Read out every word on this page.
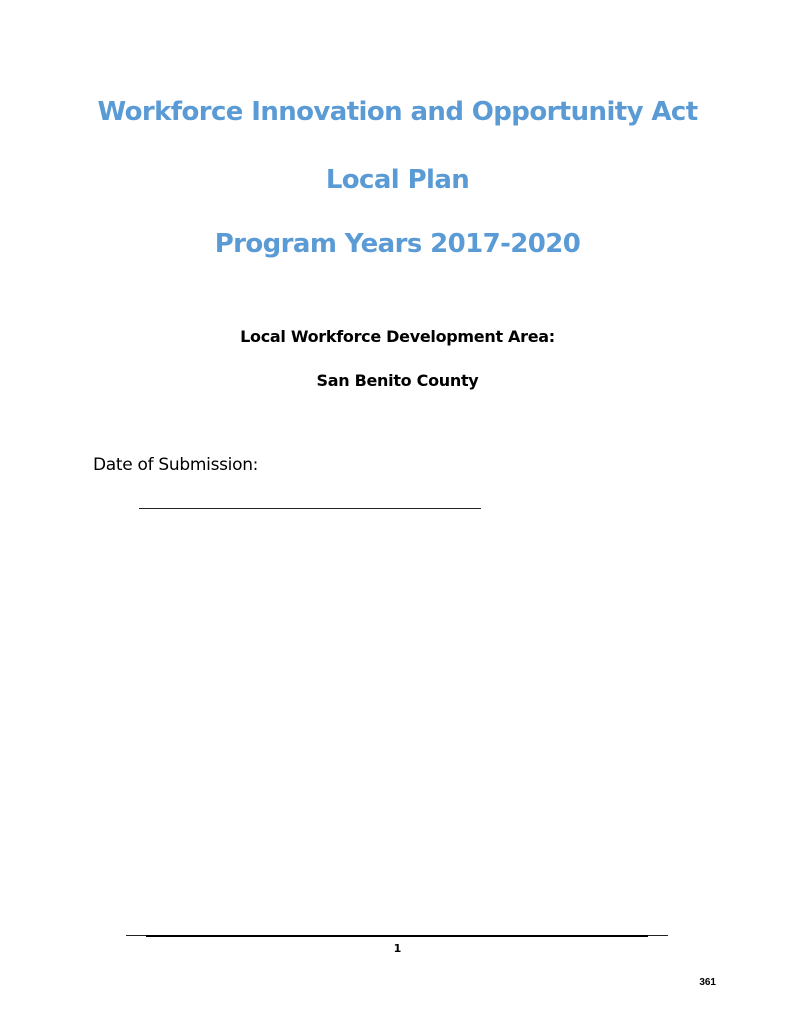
Workforce Innovation and Opportunity Act
Local Plan
Program Years 2017-2020
Local Workforce Development Area:
San Benito County
Date of Submission:
1
361
